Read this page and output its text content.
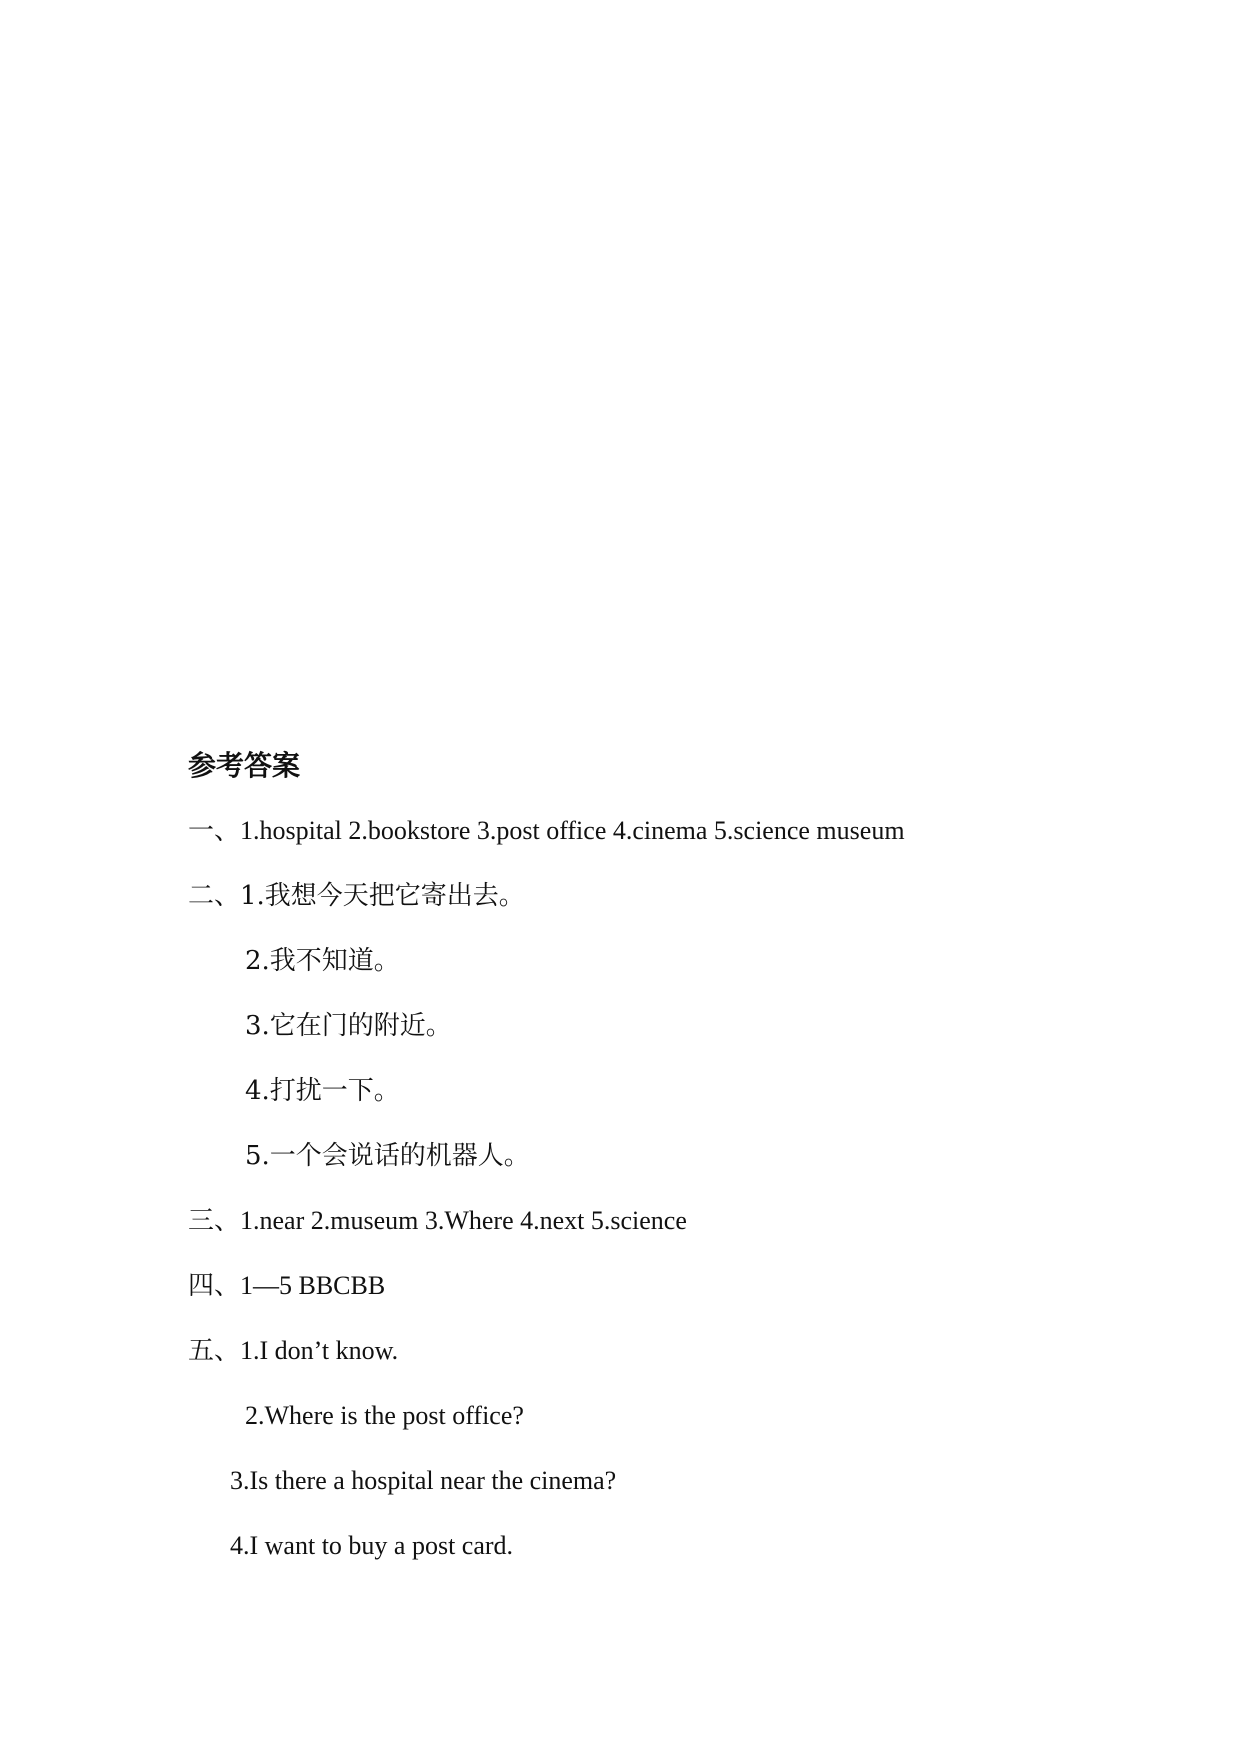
参考答案
一、1.hospital 2.bookstore 3.post office 4.cinema 5.science museum
二、1.我想今天把它寄出去。
2.我不知道。
3.它在门的附近。
4.打扰一下。
5.一个会说话的机器人。
三、1.near 2.museum 3.Where 4.next 5.science
四、1—5 BBCBB
五、1.I don’t know.
2.Where is the post office?
3.Is there a hospital near the cinema?
4.I want to buy a post card.
